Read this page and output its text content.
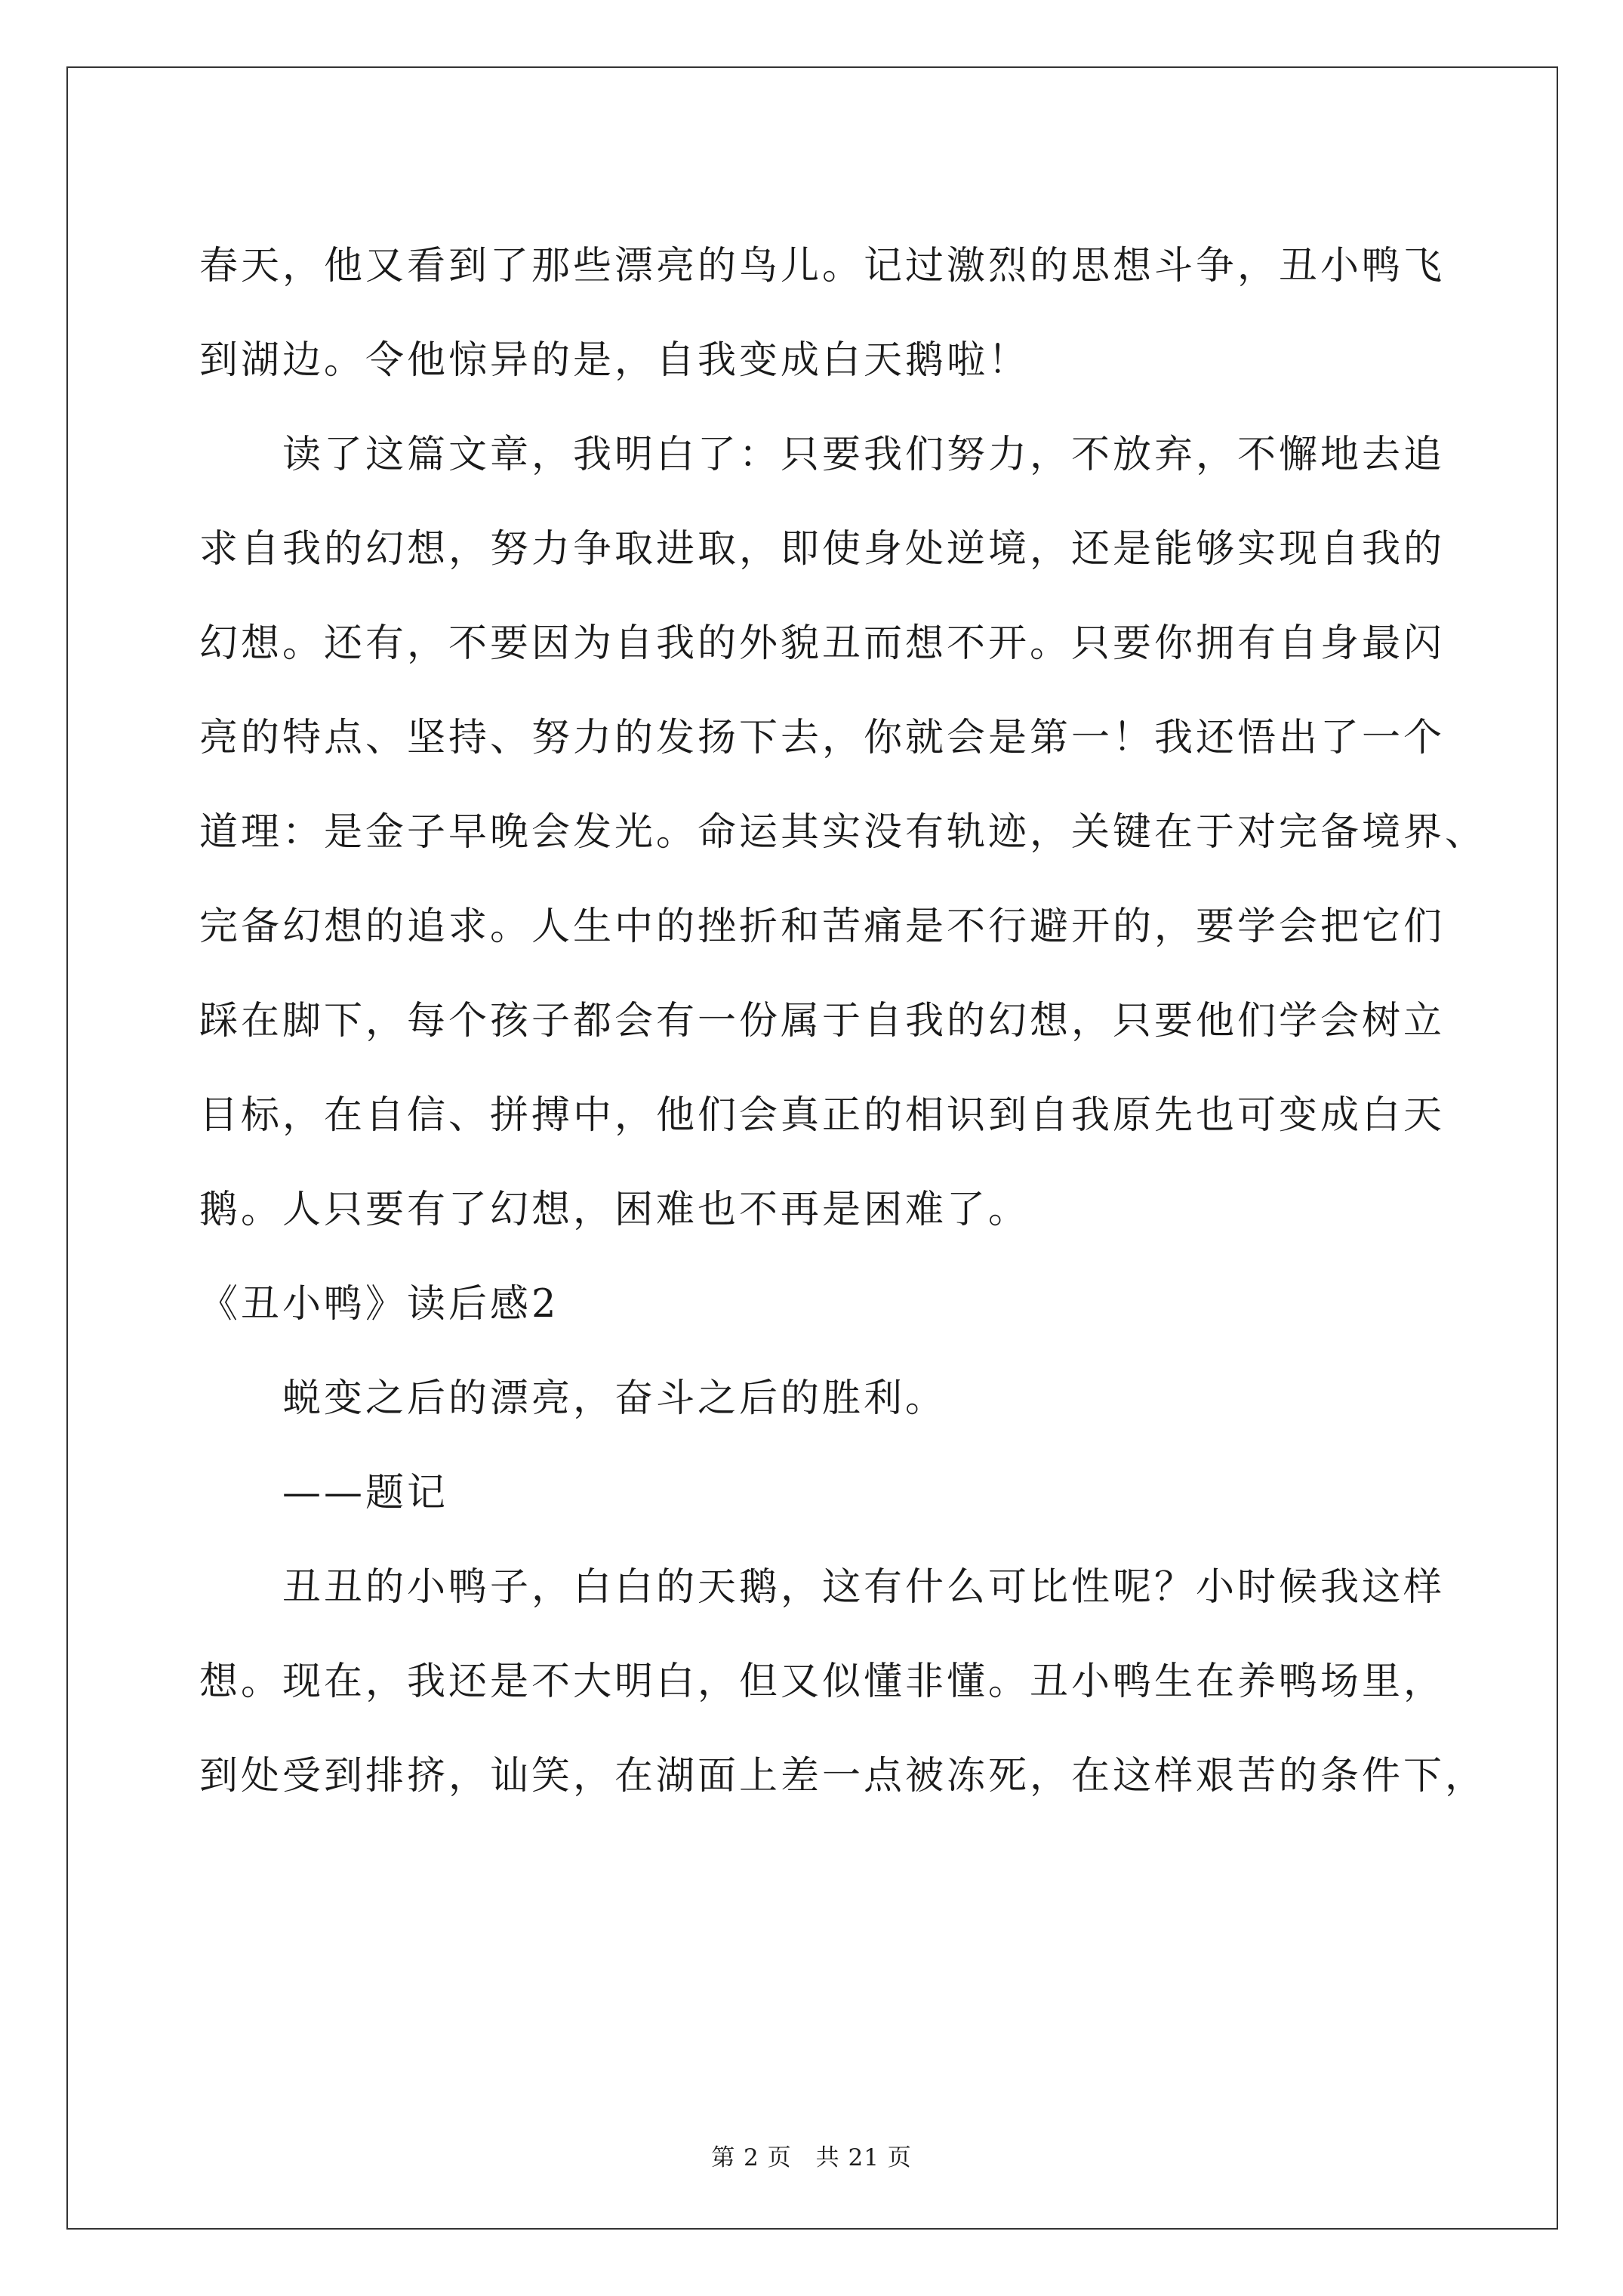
春天，他又看到了那些漂亮的鸟儿。记过激烈的思想斗争，丑小鸭飞

到湖边。令他惊异的是，自我变成白天鹅啦！

读了这篇文章，我明白了：只要我们努力，不放弃，不懈地去追

求自我的幻想，努力争取进取，即使身处逆境，还是能够实现自我的

幻想。还有，不要因为自我的外貌丑而想不开。只要你拥有自身最闪

亮的特点、坚持、努力的发扬下去，你就会是第一！我还悟出了一个

道理：是金子早晚会发光。命运其实没有轨迹，关键在于对完备境界、

完备幻想的追求。人生中的挫折和苦痛是不行避开的，要学会把它们

踩在脚下，每个孩子都会有一份属于自我的幻想，只要他们学会树立

目标，在自信、拼搏中，他们会真正的相识到自我原先也可变成白天

鹅。人只要有了幻想，困难也不再是困难了。

《丑小鸭》读后感2

蜕变之后的漂亮，奋斗之后的胜利。

——题记

丑丑的小鸭子，白白的天鹅，这有什么可比性呢？小时候我这样

想。现在，我还是不大明白，但又似懂非懂。丑小鸭生在养鸭场里，

到处受到排挤，讪笑，在湖面上差一点被冻死，在这样艰苦的条件下，

第 2 页　共 21 页
